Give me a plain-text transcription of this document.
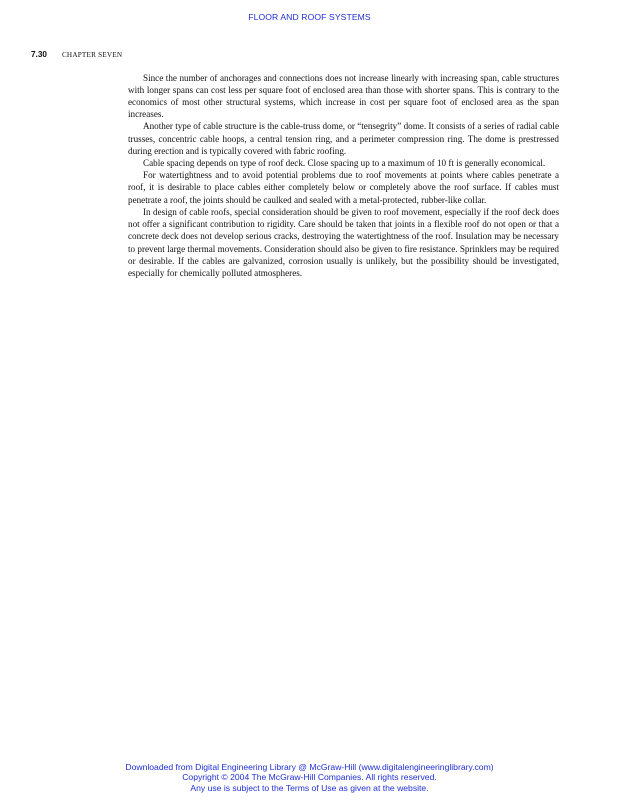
FLOOR AND ROOF SYSTEMS
7.30 CHAPTER SEVEN

Since the number of anchorages and connections does not increase linearly with increasing span, cable structures with longer spans can cost less per square foot of enclosed area than those with shorter spans. This is contrary to the economics of most other structural systems, which increase in cost per square foot of enclosed area as the span increases.

Another type of cable structure is the cable-truss dome, or “tensegrity” dome. It consists of a series of radial cable trusses, concentric cable hoops, a central tension ring, and a perimeter compression ring. The dome is prestressed during erection and is typically covered with fabric roofing.

Cable spacing depends on type of roof deck. Close spacing up to a maximum of 10 ft is generally economical.

For watertightness and to avoid potential problems due to roof movements at points where cables penetrate a roof, it is desirable to place cables either completely below or completely above the roof surface. If cables must penetrate a roof, the joints should be caulked and sealed with a metal-protected, rubber-like collar.

In design of cable roofs, special consideration should be given to roof movement, especially if the roof deck does not offer a significant contribution to rigidity. Care should be taken that joints in a flexible roof do not open or that a concrete deck does not develop serious cracks, destroying the watertightness of the roof. Insulation may be necessary to prevent large thermal movements. Consideration should also be given to fire resistance. Sprinklers may be required or desirable. If the cables are galvanized, corrosion usually is unlikely, but the possibility should be investigated, especially for chemically polluted atmospheres.

Downloaded from Digital Engineering Library @ McGraw-Hill (www.digitalengineeringlibrary.com)
Copyright © 2004 The McGraw-Hill Companies. All rights reserved.
Any use is subject to the Terms of Use as given at the website.
